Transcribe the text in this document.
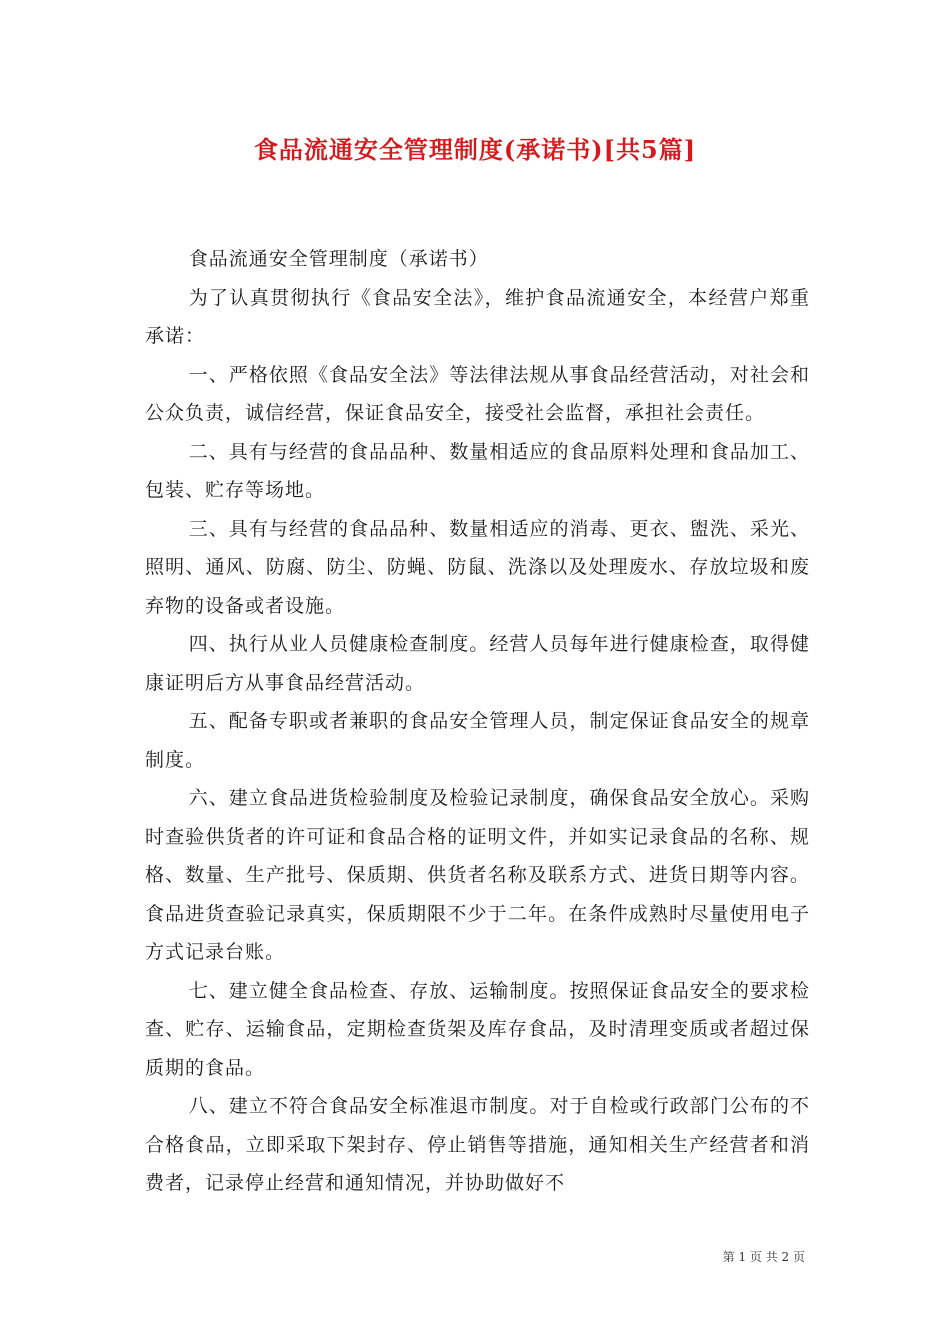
食品流通安全管理制度(承诺书)[共5篇]

食品流通安全管理制度（承诺书）

为了认真贯彻执行《食品安全法》，维护食品流通安全，本经营户郑重承诺：

一、严格依照《食品安全法》等法律法规从事食品经营活动，对社会和公众负责，诚信经营，保证食品安全，接受社会监督，承担社会责任。

二、具有与经营的食品品种、数量相适应的食品原料处理和食品加工、包装、贮存等场地。

三、具有与经营的食品品种、数量相适应的消毒、更衣、盥洗、采光、照明、通风、防腐、防尘、防蝇、防鼠、洗涤以及处理废水、存放垃圾和废弃物的设备或者设施。

四、执行从业人员健康检查制度。经营人员每年进行健康检查，取得健康证明后方从事食品经营活动。

五、配备专职或者兼职的食品安全管理人员，制定保证食品安全的规章制度。

六、建立食品进货检验制度及检验记录制度，确保食品安全放心。采购时查验供货者的许可证和食品合格的证明文件，并如实记录食品的名称、规格、数量、生产批号、保质期、供货者名称及联系方式、进货日期等内容。食品进货查验记录真实，保质期限不少于二年。在条件成熟时尽量使用电子方式记录台账。

七、建立健全食品检查、存放、运输制度。按照保证食品安全的要求检查、贮存、运输食品，定期检查货架及库存食品，及时清理变质或者超过保质期的食品。

八、建立不符合食品安全标准退市制度。对于自检或行政部门公布的不合格食品，立即采取下架封存、停止销售等措施，通知相关生产经营者和消费者，记录停止经营和通知情况，并协助做好不

第 1 页 共 2 页
